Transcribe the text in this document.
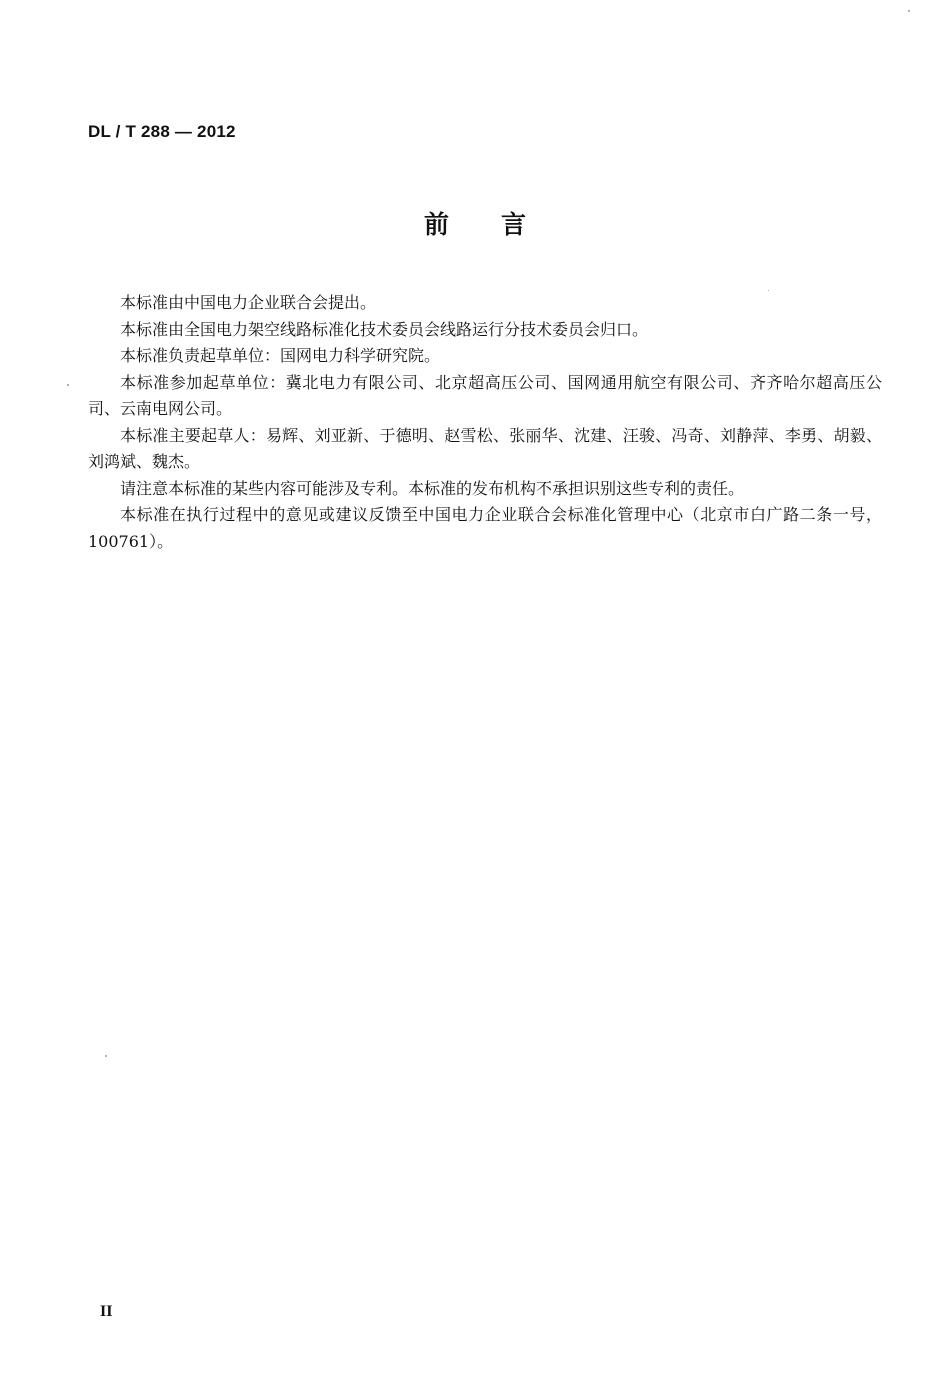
DL / T 288 — 2012
前言

本标准由中国电力企业联合会提出。

本标准由全国电力架空线路标准化技术委员会线路运行分技术委员会归口。

本标准负责起草单位：国网电力科学研究院。

本标准参加起草单位：冀北电力有限公司、北京超高压公司、国网通用航空有限公司、齐齐哈尔超高压公司、云南电网公司。

本标准主要起草人：易辉、刘亚新、于德明、赵雪松、张丽华、沈建、汪骏、冯奇、刘静萍、李勇、胡毅、刘鸿斌、魏杰。

请注意本标准的某些内容可能涉及专利。本标准的发布机构不承担识别这些专利的责任。

本标准在执行过程中的意见或建议反馈至中国电力企业联合会标准化管理中心（北京市白广路二条一号，100761）。

II
